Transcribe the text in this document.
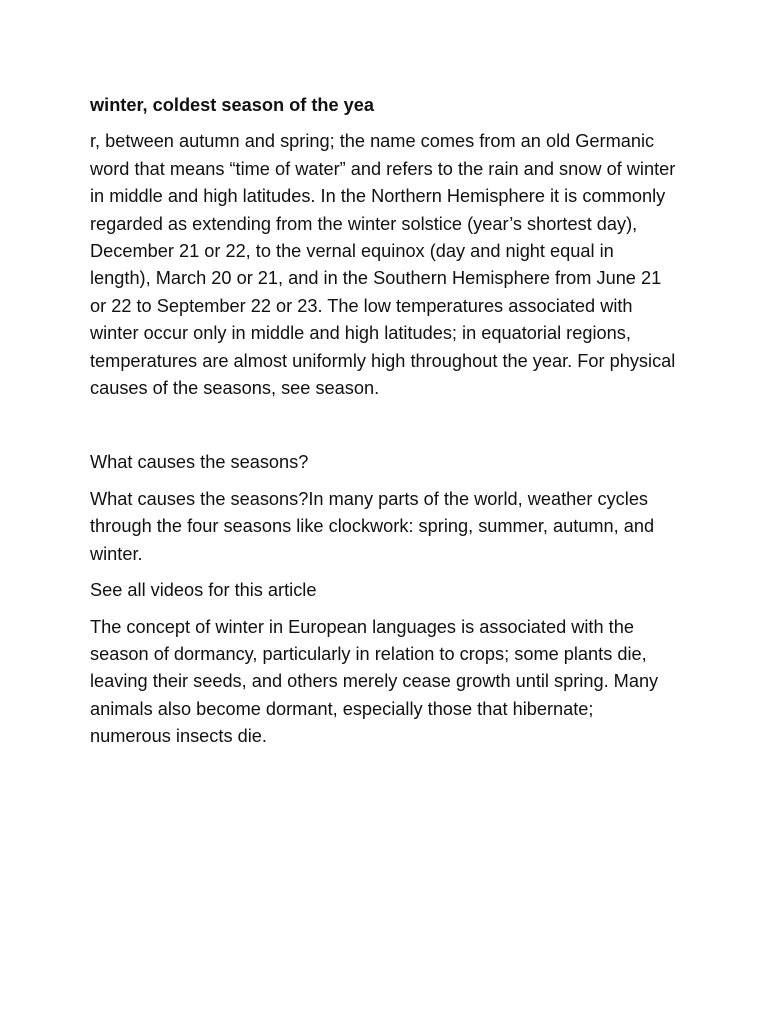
winter, coldest season of the yea

r, between autumn and spring; the name comes from an old Germanic word that means “time of water” and refers to the rain and snow of winter in middle and high latitudes. In the Northern Hemisphere it is commonly regarded as extending from the winter solstice (year’s shortest day), December 21 or 22, to the vernal equinox (day and night equal in length), March 20 or 21, and in the Southern Hemisphere from June 21 or 22 to September 22 or 23. The low temperatures associated with winter occur only in middle and high latitudes; in equatorial regions, temperatures are almost uniformly high throughout the year. For physical causes of the seasons, see season.

What causes the seasons?

What causes the seasons?In many parts of the world, weather cycles through the four seasons like clockwork: spring, summer, autumn, and winter.

See all videos for this article

The concept of winter in European languages is associated with the season of dormancy, particularly in relation to crops; some plants die, leaving their seeds, and others merely cease growth until spring. Many animals also become dormant, especially those that hibernate; numerous insects die.
